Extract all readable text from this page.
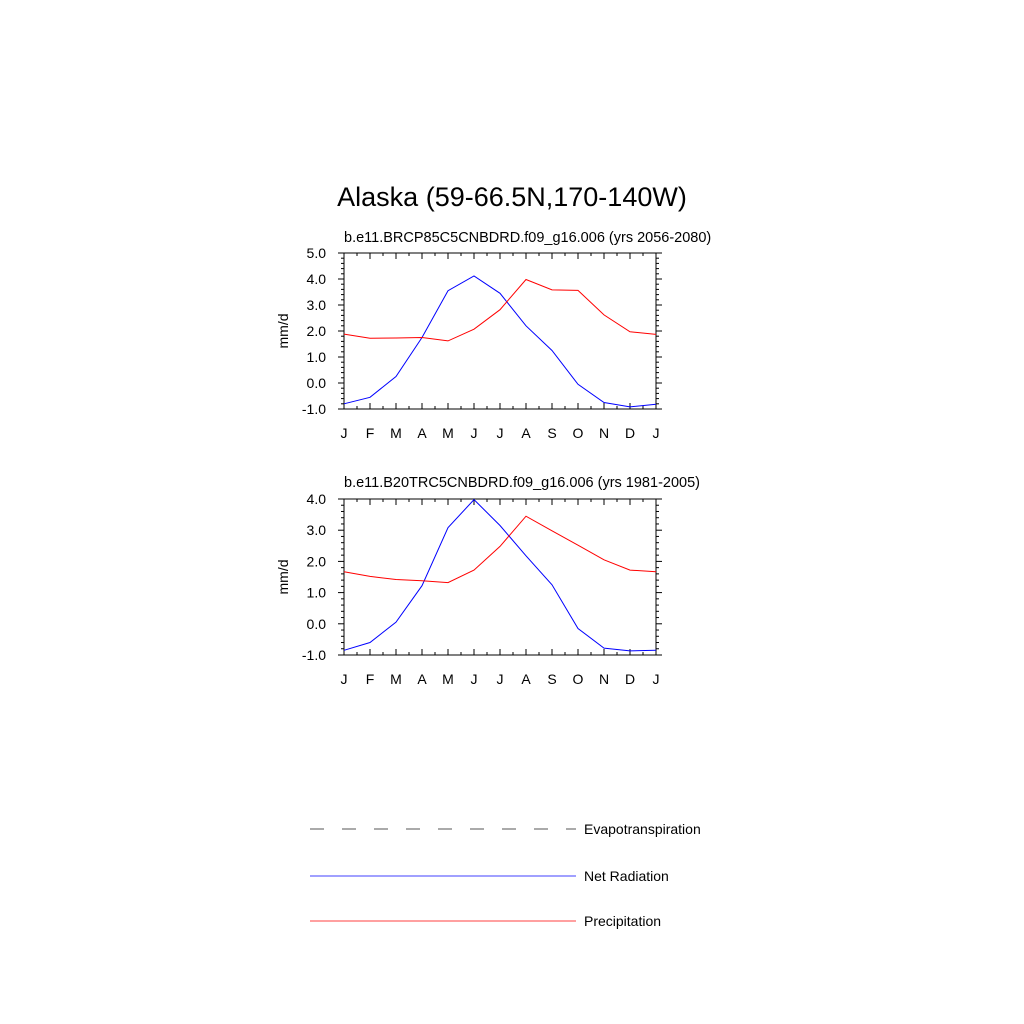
Alaska (59-66.5N,170-140W)
b.e11.BRCP85C5CNBDRD.f09_g16.006 (yrs 2056-2080)
J F M A M J J A S O N D J
-1.0
0.0
1.0
2.0
3.0
4.0
5.0
mm/d
b.e11.B20TRC5CNBDRD.f09_g16.006 (yrs 1981-2005)
J F M A M J J A S O N D J
-1.0
0.0
1.0
2.0
3.0
4.0
mm/d
Evapotranspiration
Net Radiation
Precipitation
